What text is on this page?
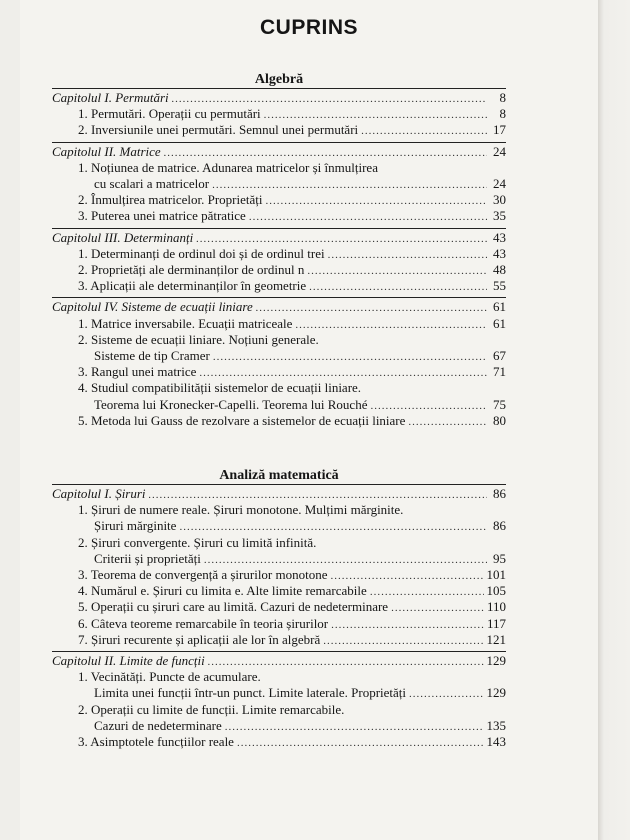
CUPRINS
Algebră
Capitolul I. Permutări .....	8
1. Permutări. Operații cu permutări .....	8
2. Inversiunile unei permutări. Semnul unei permutări .....	17
Capitolul II. Matrice .....	24
1. Noțiunea de matrice. Adunarea matricelor și înmulțirea
cu scalari a matricelor .....	24
2. Înmulțirea matricelor. Proprietăți .....	30
3. Puterea unei matrice pătratice .....	35
Capitolul III. Determinanți .....	43
1. Determinanți de ordinul doi și de ordinul trei .....	43
2. Proprietăți ale derminanților de ordinul n .....	48
3. Aplicații ale determinanților în geometrie .....	55
Capitolul IV. Sisteme de ecuații liniare .....	61
1. Matrice inversabile. Ecuații matriceale .....	61
2. Sisteme de ecuații liniare. Noțiuni generale.
Sisteme de tip Cramer .....	67
3. Rangul unei matrice .....	71
4. Studiul compatibilității sistemelor de ecuații liniare.
Teorema lui Kronecker-Capelli. Teorema lui Rouché .....	75
5. Metoda lui Gauss de rezolvare a sistemelor de ecuații liniare .....	80
Analiză matematică
Capitolul I. Șiruri .....	86
1. Șiruri de numere reale. Șiruri monotone. Mulțimi mărginite.
Șiruri mărginite .....	86
2. Șiruri convergente. Șiruri cu limită infinită.
Criterii și proprietăți .....	95
3. Teorema de convergență a șirurilor monotone .....	101
4. Numărul e. Șiruri cu limita e. Alte limite remarcabile .....	105
5. Operații cu șiruri care au limită. Cazuri de nedeterminare .....	110
6. Câteva teoreme remarcabile în teoria șirurilor .....	117
7. Șiruri recurente și aplicații ale lor în algebră .....	121
Capitolul II. Limite de funcții .....	129
1. Vecinătăți. Puncte de acumulare.
Limita unei funcții într-un punct. Limite laterale. Proprietăți .....	129
2. Operații cu limite de funcții. Limite remarcabile.
Cazuri de nedeterminare .....	135
3. Asimptotele funcțiilor reale .....	143
